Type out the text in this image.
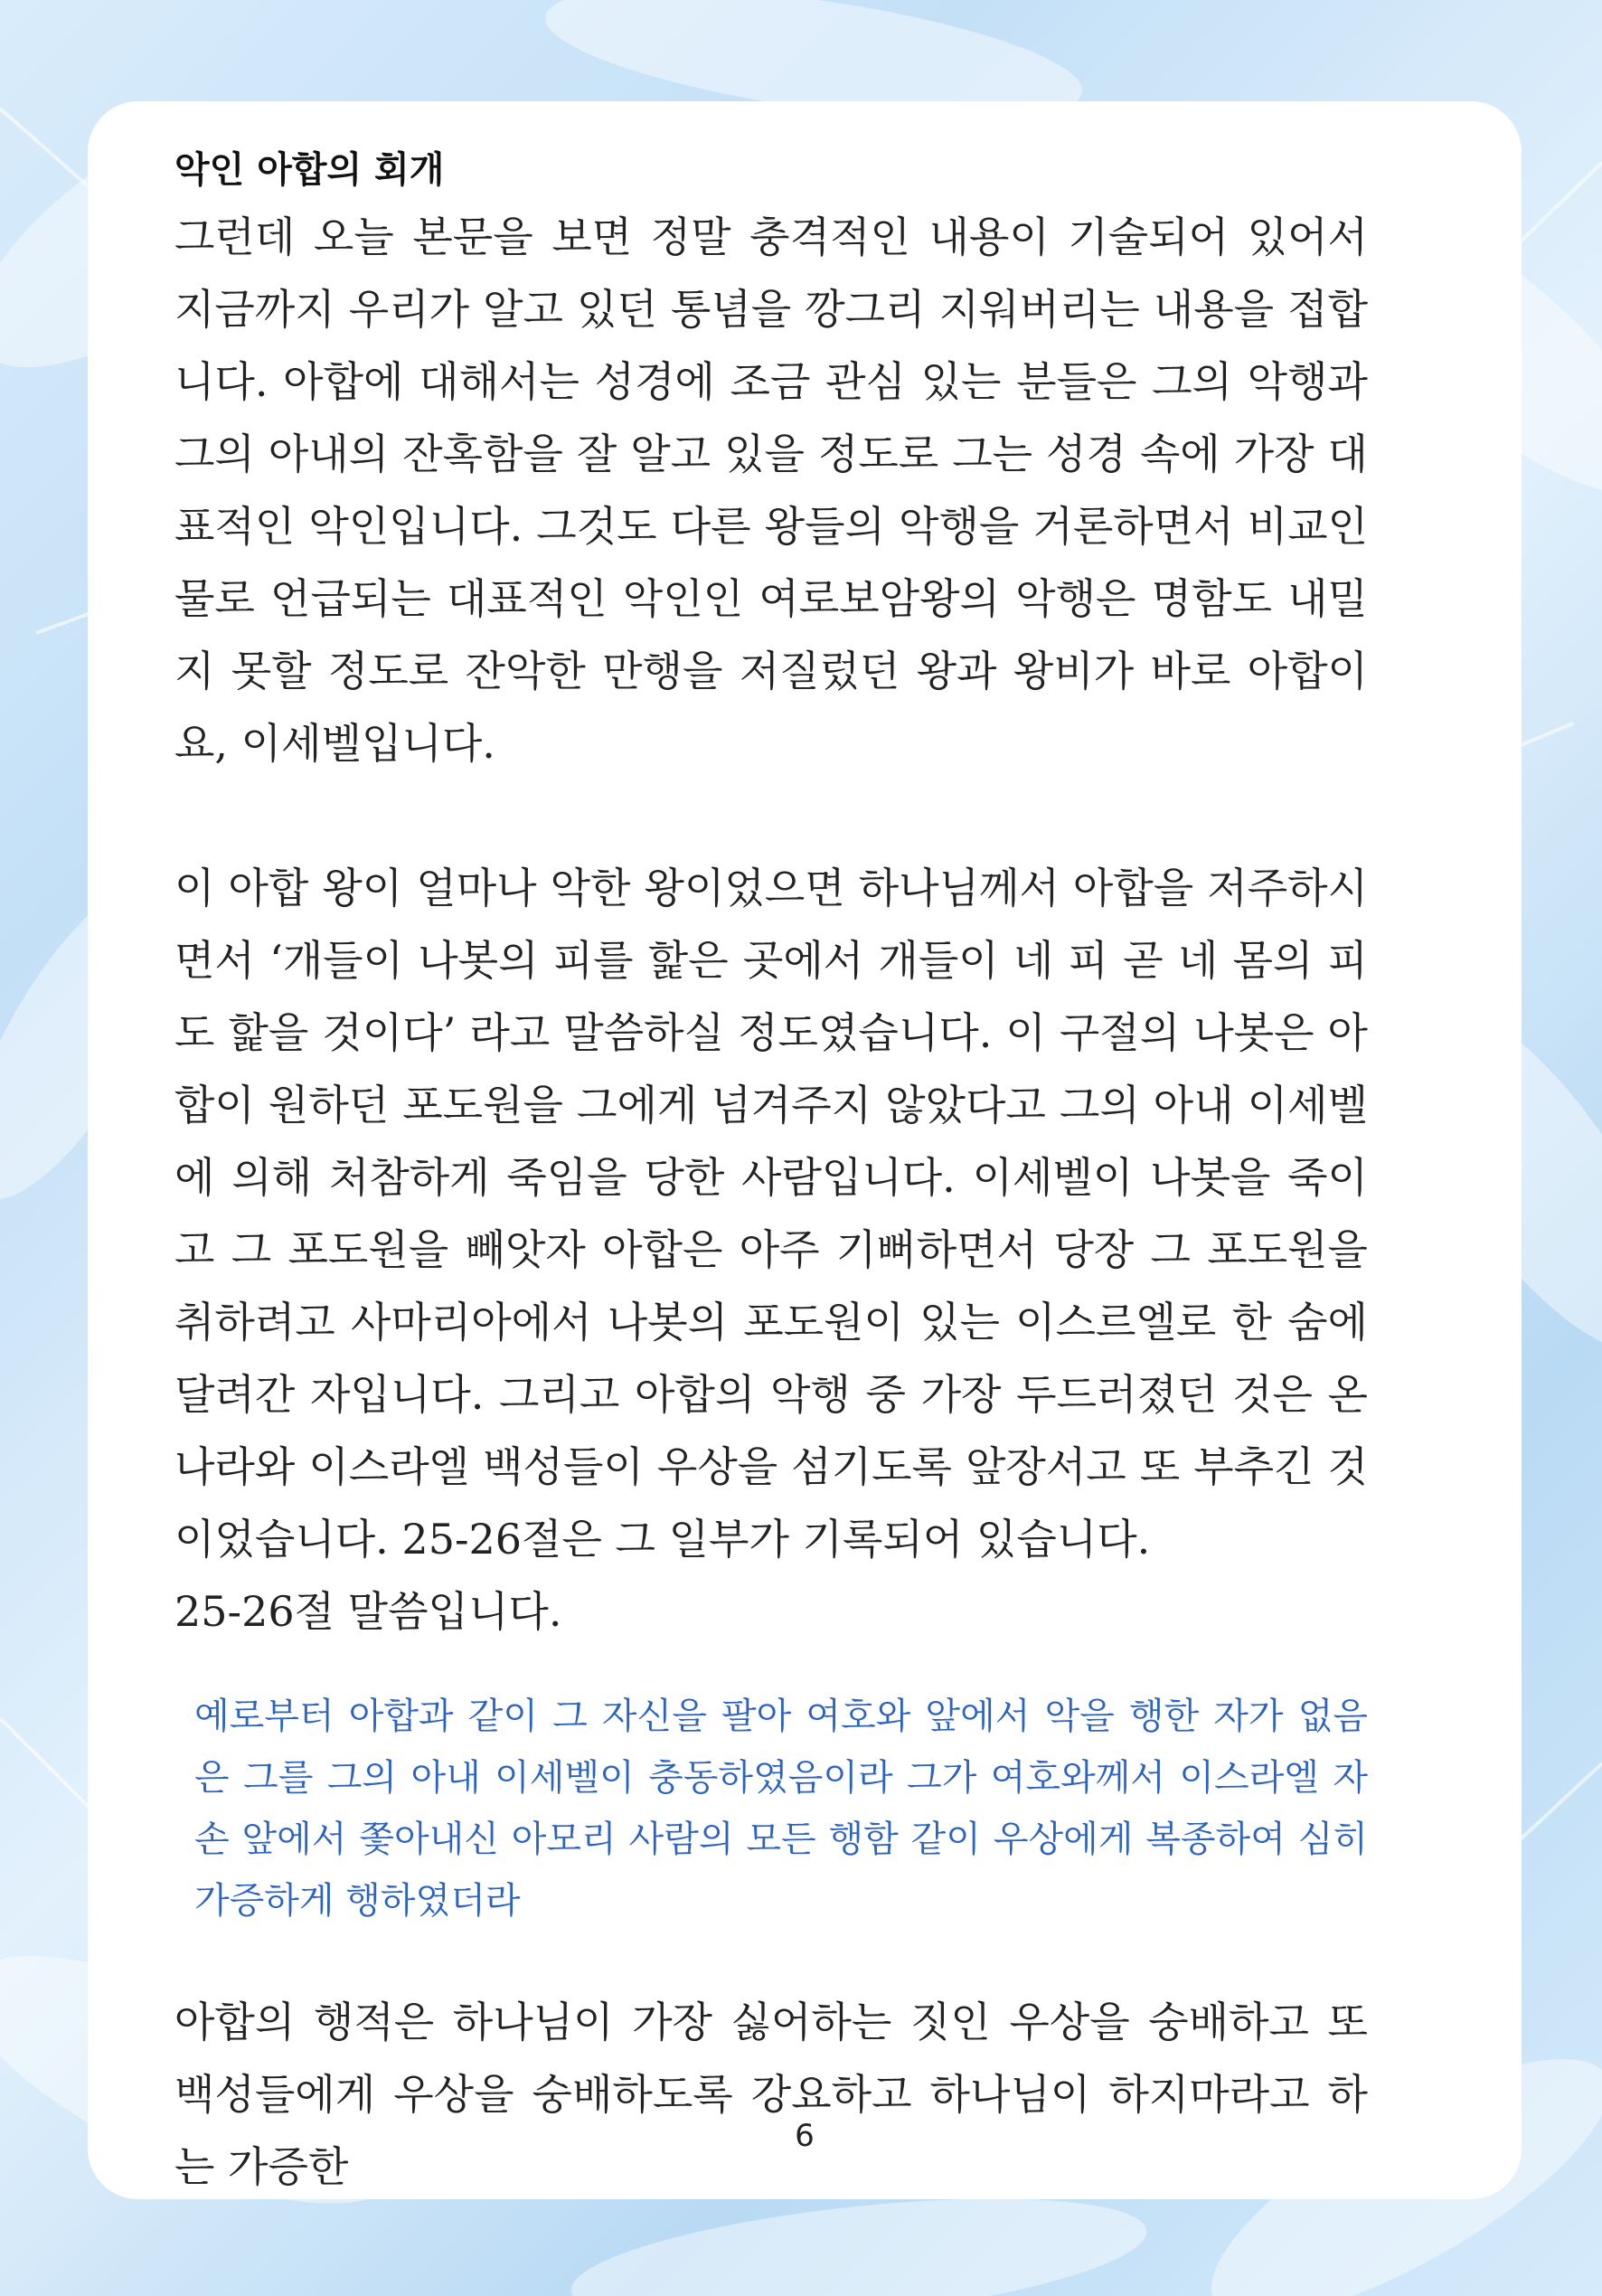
악인 아합의 회개

그런데 오늘 본문을 보면 정말 충격적인 내용이 기술되어 있어서 지금까지 우리가 알고 있던 통념을 깡그리 지워버리는 내용을 접합니다. 아합에 대해서는 성경에 조금 관심 있는 분들은 그의 악행과 그의 아내의 잔혹함을 잘 알고 있을 정도로 그는 성경 속에 가장 대표적인 악인입니다. 그것도 다른 왕들의 악행을 거론하면서 비교인물로 언급되는 대표적인 악인인 여로보암왕의 악행은 명함도 내밀지 못할 정도로 잔악한 만행을 저질렀던 왕과 왕비가 바로 아합이요, 이세벨입니다.

이 아합 왕이 얼마나 악한 왕이었으면 하나님께서 아합을 저주하시면서 ‘개들이 나봇의 피를 핥은 곳에서 개들이 네 피 곧 네 몸의 피도 핥을 것이다’ 라고 말씀하실 정도였습니다. 이 구절의 나봇은 아합이 원하던 포도원을 그에게 넘겨주지 않았다고 그의 아내 이세벨에 의해 처참하게 죽임을 당한 사람입니다. 이세벨이 나봇을 죽이고 그 포도원을 빼앗자 아합은 아주 기뻐하면서 당장 그 포도원을 취하려고 사마리아에서 나봇의 포도원이 있는 이스르엘로 한 숨에 달려간 자입니다. 그리고 아합의 악행 중 가장 두드러졌던 것은 온 나라와 이스라엘 백성들이 우상을 섬기도록 앞장서고 또 부추긴 것이었습니다. 25-26절은 그 일부가 기록되어 있습니다.

25-26절 말씀입니다.

예로부터 아합과 같이 그 자신을 팔아 여호와 앞에서 악을 행한 자가 없음은 그를 그의 아내 이세벨이 충동하였음이라 그가 여호와께서 이스라엘 자손 앞에서 쫓아내신 아모리 사람의 모든 행함 같이 우상에게 복종하여 심히 가증하게 행하였더라

아합의 행적은 하나님이 가장 싫어하는 짓인 우상을 숭배하고 또 백성들에게 우상을 숭배하도록 강요하고 하나님이 하지마라고 하는 가증한

6
